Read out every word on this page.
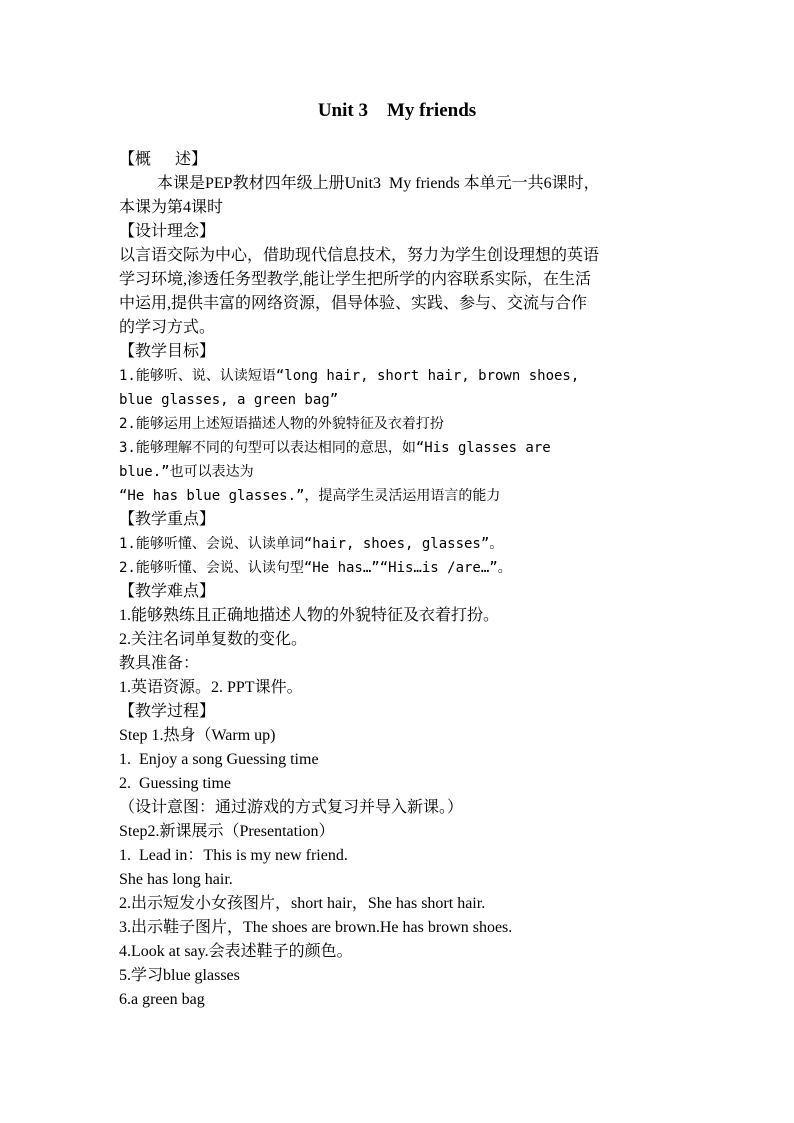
Unit 3    My friends
【概      述】
本课是PEP教材四年级上册Unit3  My friends 本单元一共6课时，
本课为第4课时
【设计理念】
以言语交际为中心，借助现代信息技术，努力为学生创设理想的英语
学习环境,渗透任务型教学,能让学生把所学的内容联系实际，在生活
中运用,提供丰富的网络资源，倡导体验、实践、参与、交流与合作
的学习方式。
【教学目标】
1.能够听、说、认读短语“long hair, short hair, brown shoes,
blue glasses, a green bag”
2.能够运用上述短语描述人物的外貌特征及衣着打扮
3.能够理解不同的句型可以表达相同的意思，如“His glasses are
blue.”也可以表达为
“He has blue glasses.”，提高学生灵活运用语言的能力
【教学重点】
1.能够听懂、会说、认读单词“hair, shoes, glasses”。
2.能够听懂、会说、认读句型“He has…”“His…is /are…”。
【教学难点】
1.能够熟练且正确地描述人物的外貌特征及衣着打扮。
2.关注名词单复数的变化。
教具准备：
1.英语资源。2. PPT课件。
【教学过程】
Step 1.热身（Warm up)
1.  Enjoy a song Guessing time
2.  Guessing time
（设计意图：通过游戏的方式复习并导入新课。）
Step2.新课展示（Presentation）
1.  Lead in：This is my new friend.
She has long hair.
2.出示短发小女孩图片，short hair，She has short hair.
3.出示鞋子图片，The shoes are brown.He has brown shoes.
4.Look at say.会表述鞋子的颜色。
5.学习blue glasses
6.a green bag
